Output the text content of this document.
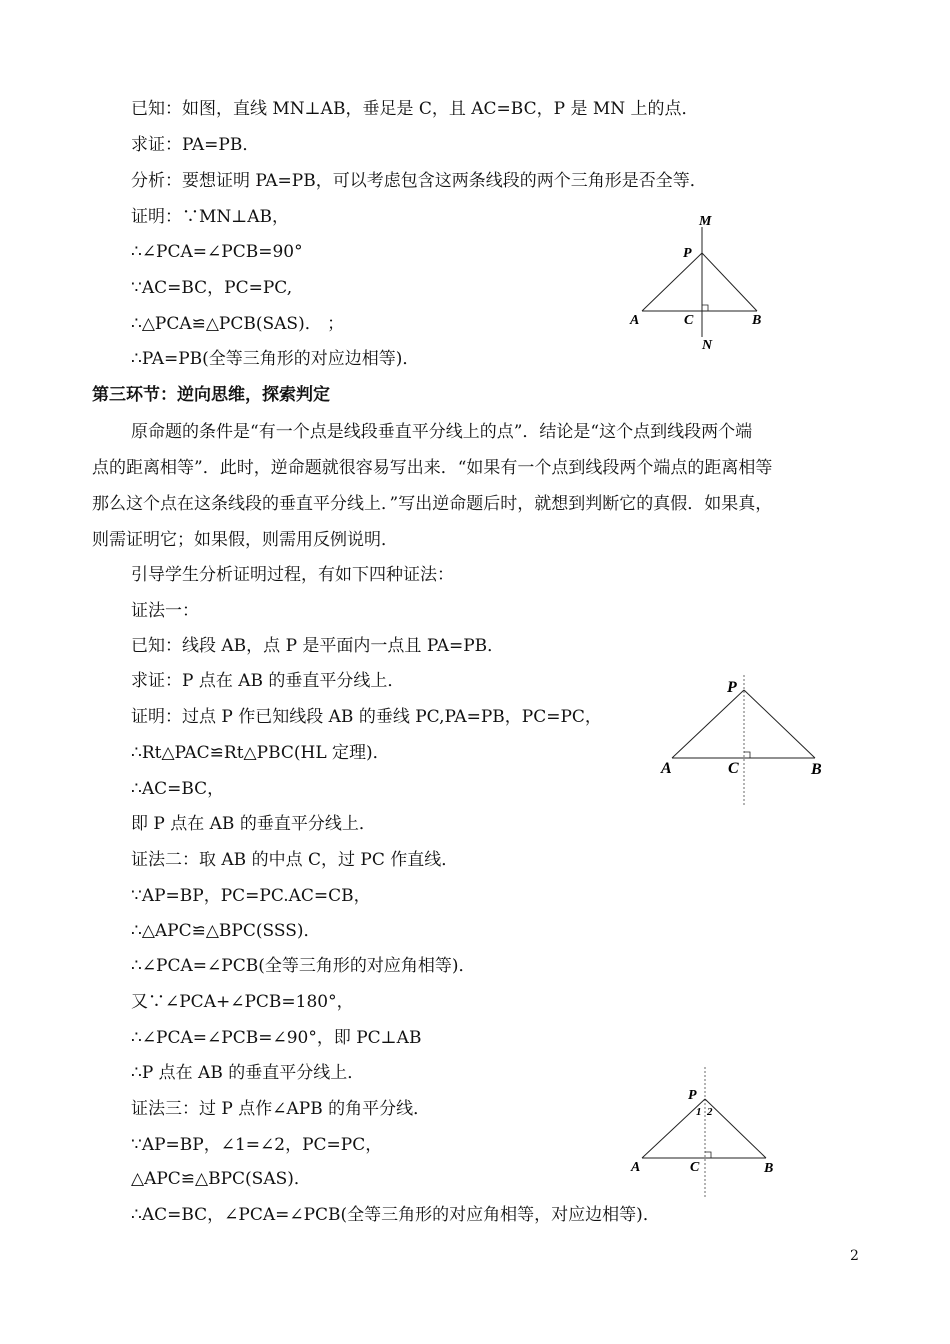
已知：如图，直线 MN⊥AB，垂足是 C，且 AC=BC，P 是 MN 上的点．
求证：PA=PB．
分析：要想证明 PA=PB，可以考虑包含这两条线段的两个三角形是否全等．
证明：∵MN⊥AB，
∴∠PCA=∠PCB=90°
∵AC=BC，PC=PC,
∴△PCA≌△PCB(SAS)． ；
∴PA=PB(全等三角形的对应边相等)．
M
P
A	C	B
N
第三环节：逆向思维，探索判定
原命题的条件是“有一个点是线段垂直平分线上的点”．结论是“这个点到线段两个端
点的距离相等”．此时，逆命题就很容易写出来．“如果有一个点到线段两个端点的距离相等
那么这个点在这条线段的垂直平分线上．”写出逆命题后时，就想到判断它的真假．如果真，
则需证明它；如果假，则需用反例说明．
引导学生分析证明过程，有如下四种证法：
证法一：
已知：线段 AB，点 P 是平面内一点且 PA=PB．
求证：P 点在 AB 的垂直平分线上．
证明：过点 P 作已知线段 AB 的垂线 PC,PA=PB，PC=PC，
∴Rt△PAC≌Rt△PBC(HL 定理)．
∴AC=BC，
即 P 点在 AB 的垂直平分线上．
P
A	C	B
证法二：取 AB 的中点 C，过 PC 作直线．
∵AP=BP，PC=PC.AC=CB，
∴△APC≌△BPC(SSS)．
∴∠PCA=∠PCB(全等三角形的对应角相等)．
又∵∠PCA+∠PCB=180°，
∴∠PCA=∠PCB=∠90°，即 PC⊥AB
∴P 点在 AB 的垂直平分线上．
P
1 2
A	C	B
证法三：过 P 点作∠APB 的角平分线．
∵AP=BP，∠1=∠2，PC=PC，
△APC≌△BPC(SAS)．
∴AC=BC，∠PCA=∠PCB(全等三角形的对应角相等，对应边相等)．
2
